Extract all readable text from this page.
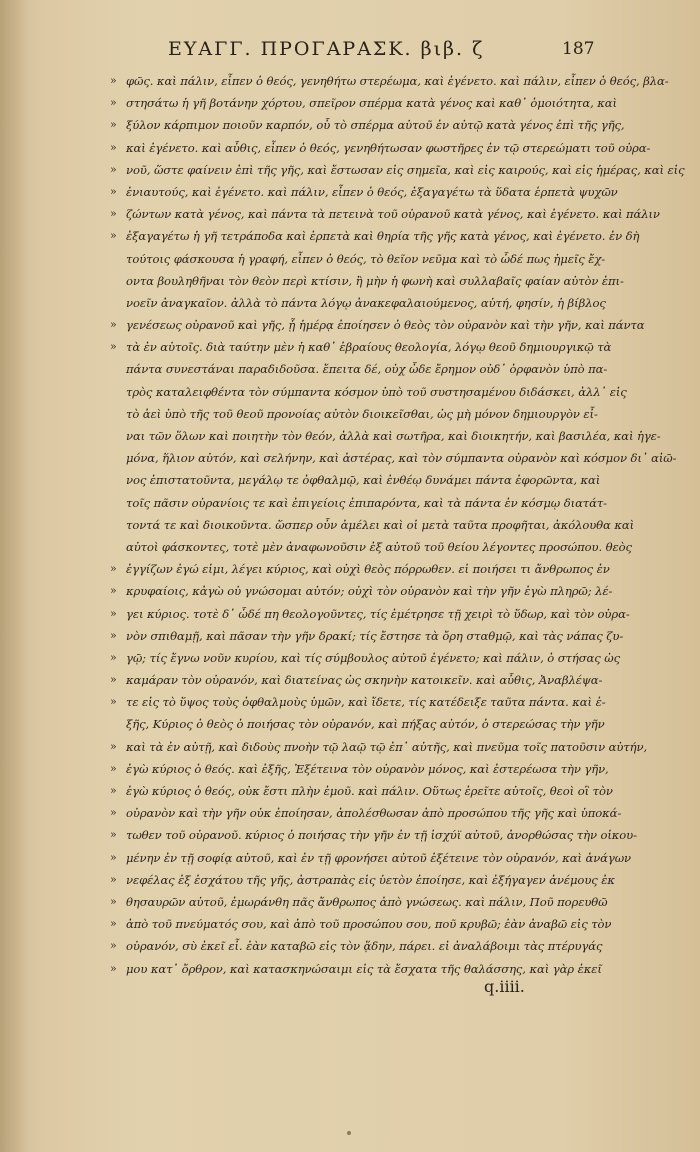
ΕΥΑΓΓ. ΠΡΟΓΑΡΑΣΚ. βιβ. ζ	187
» φῶς. καὶ πάλιν, εἶπεν ὁ θεός, γενηθήτω στερέωμα, καὶ ἐγένετο. καὶ πάλιν, εἶπεν ὁ θεός, βλα-
» στησάτω ἡ γῆ βοτάνην χόρτου, σπεῖρον σπέρμα κατὰ γένος καὶ καθ᾽ ὁμοιότητα, καὶ
» ξύλον κάρπιμον ποιοῦν καρπόν, οὗ τὸ σπέρμα αὐτοῦ ἐν αὐτῷ κατὰ γένος ἐπὶ τῆς γῆς,
» καὶ ἐγένετο. καὶ αὖθις, εἶπεν ὁ θεός, γενηθήτωσαν φωστῆρες ἐν τῷ στερεώματι τοῦ οὐρα-
» νοῦ, ὥστε φαίνειν ἐπὶ τῆς γῆς, καὶ ἔστωσαν εἰς σημεῖα, καὶ εἰς καιρούς, καὶ εἰς ἡμέρας, καὶ εἰς
» ἐνιαυτούς, καὶ ἐγένετο. καὶ πάλιν, εἶπεν ὁ θεός, ἐξαγαγέτω τὰ ὕδατα ἑρπετὰ ψυχῶν
» ζώντων κατὰ γένος, καὶ πάντα τὰ πετεινὰ τοῦ οὐρανοῦ κατὰ γένος, καὶ ἐγένετο. καὶ πάλιν
» ἐξαγαγέτω ἡ γῆ τετράποδα καὶ ἑρπετὰ καὶ θηρία τῆς γῆς κατὰ γένος, καὶ ἐγένετο. ἐν δὴ
τούτοις φάσκουσα ἡ γραφή, εἶπεν ὁ θεός, τὸ θεῖον νεῦμα καὶ τὸ ὧδέ πως ἡμεῖς ἔχ-
οντα βουληθῆναι τὸν θεὸν περὶ κτίσιν, ἢ μὴν ἡ φωνὴ καὶ συλλαβαῖς φαίαν αὐτὸν ἐπι-
νοεῖν ἀναγκαῖον. ἀλλὰ τὸ πάντα λόγῳ ἀνακεφαλαιούμενος, αὐτή, φησίν, ἡ βίβλος
» γενέσεως οὐρανοῦ καὶ γῆς, ᾗ ἡμέρᾳ ἐποίησεν ὁ θεὸς τὸν οὐρανὸν καὶ τὴν γῆν, καὶ πάντα
» τὰ ἐν αὐτοῖς. διὰ ταύτην μὲν ἡ καθ᾽ ἑβραίους θεολογία, λόγῳ θεοῦ δημιουργικῷ τὰ
πάντα συνεστάναι παραδιδοῦσα. ἔπειτα δέ, οὐχ ὧδε ἔρημον οὐδ᾽ ὀρφανὸν ὑπὸ πα-
τρὸς καταλειφθέντα τὸν σύμπαντα κόσμον ὑπὸ τοῦ συστησαμένου διδάσκει, ἀλλ᾽ εἰς
τὸ ἀεὶ ὑπὸ τῆς τοῦ θεοῦ προνοίας αὐτὸν διοικεῖσθαι, ὡς μὴ μόνον δημιουργὸν εἶ-
ναι τῶν ὅλων καὶ ποιητὴν τὸν θεόν, ἀλλὰ καὶ σωτῆρα, καὶ διοικητήν, καὶ βασιλέα, καὶ ἡγε-
μόνα, ἥλιον αὐτόν, καὶ σελήνην, καὶ ἀστέρας, καὶ τὸν σύμπαντα οὐρανὸν καὶ κόσμον δι᾽ αἰῶ-
νος ἐπιστατοῦντα, μεγάλῳ τε ὀφθαλμῷ, καὶ ἐνθέῳ δυνάμει πάντα ἐφορῶντα, καὶ
τοῖς πᾶσιν οὐρανίοις τε καὶ ἐπιγείοις ἐπιπαρόντα, καὶ τὰ πάντα ἐν κόσμῳ διατάτ-
τοντά τε καὶ διοικοῦντα. ὥσπερ οὖν ἀμέλει καὶ οἱ μετὰ ταῦτα προφῆται, ἀκόλουθα καὶ
αὐτοὶ φάσκοντες, τοτὲ μὲν ἀναφωνοῦσιν ἐξ αὐτοῦ τοῦ θείου λέγοντες προσώπου. θεὸς
» ἐγγίζων ἐγώ εἰμι, λέγει κύριος, καὶ οὐχὶ θεὸς πόρρωθεν. εἰ ποιήσει τι ἄνθρωπος ἐν
» κρυφαίοις, κἀγὼ οὐ γνώσομαι αὐτόν; οὐχὶ τὸν οὐρανὸν καὶ τὴν γῆν ἐγὼ πληρῶ; λέ-
» γει κύριος. τοτὲ δ᾽ ὧδέ πη θεολογοῦντες, τίς ἐμέτρησε τῇ χειρὶ τὸ ὕδωρ, καὶ τὸν οὐρα-
» νὸν σπιθαμῇ, καὶ πᾶσαν τὴν γῆν δρακί; τίς ἔστησε τὰ ὄρη σταθμῷ, καὶ τὰς νάπας ζυ-
» γῷ; τίς ἔγνω νοῦν κυρίου, καὶ τίς σύμβουλος αὐτοῦ ἐγένετο; καὶ πάλιν, ὁ στήσας ὡς
» καμάραν τὸν οὐρανόν, καὶ διατείνας ὡς σκηνὴν κατοικεῖν. καὶ αὖθις, Ἀναβλέψα-
» τε εἰς τὸ ὕψος τοὺς ὀφθαλμοὺς ὑμῶν, καὶ ἴδετε, τίς κατέδειξε ταῦτα πάντα. καὶ ἑ-
ξῆς, Κύριος ὁ θεὸς ὁ ποιήσας τὸν οὐρανόν, καὶ πήξας αὐτόν, ὁ στερεώσας τὴν γῆν
» καὶ τὰ ἐν αὐτῇ, καὶ διδοὺς πνοὴν τῷ λαῷ τῷ ἐπ᾽ αὐτῆς, καὶ πνεῦμα τοῖς πατοῦσιν αὐτήν,
» ἐγὼ κύριος ὁ θεός. καὶ ἑξῆς, Ἐξέτεινα τὸν οὐρανὸν μόνος, καὶ ἐστερέωσα τὴν γῆν,
» ἐγὼ κύριος ὁ θεός, οὐκ ἔστι πλὴν ἐμοῦ. καὶ πάλιν. Οὕτως ἐρεῖτε αὐτοῖς, θεοὶ οἳ τὸν
» οὐρανὸν καὶ τὴν γῆν οὐκ ἐποίησαν, ἀπολέσθωσαν ἀπὸ προσώπου τῆς γῆς καὶ ὑποκά-
» τωθεν τοῦ οὐρανοῦ. κύριος ὁ ποιήσας τὴν γῆν ἐν τῇ ἰσχύϊ αὐτοῦ, ἀνορθώσας τὴν οἰκου-
» μένην ἐν τῇ σοφίᾳ αὐτοῦ, καὶ ἐν τῇ φρονήσει αὐτοῦ ἐξέτεινε τὸν οὐρανόν, καὶ ἀνάγων
» νεφέλας ἐξ ἐσχάτου τῆς γῆς, ἀστραπὰς εἰς ὑετὸν ἐποίησε, καὶ ἐξήγαγεν ἀνέμους ἐκ
» θησαυρῶν αὐτοῦ, ἐμωράνθη πᾶς ἄνθρωπος ἀπὸ γνώσεως. καὶ πάλιν, Ποῦ πορευθῶ
» ἀπὸ τοῦ πνεύματός σου, καὶ ἀπὸ τοῦ προσώπου σου, ποῦ κρυβῶ; ἐὰν ἀναβῶ εἰς τὸν
» οὐρανόν, σὺ ἐκεῖ εἶ. ἐὰν καταβῶ εἰς τὸν ᾅδην, πάρει. εἰ ἀναλάβοιμι τὰς πτέρυγάς
» μου κατ᾽ ὄρθρον, καὶ κατασκηνώσαιμι εἰς τὰ ἔσχατα τῆς θαλάσσης, καὶ γὰρ ἐκεῖ
q.iiii.
